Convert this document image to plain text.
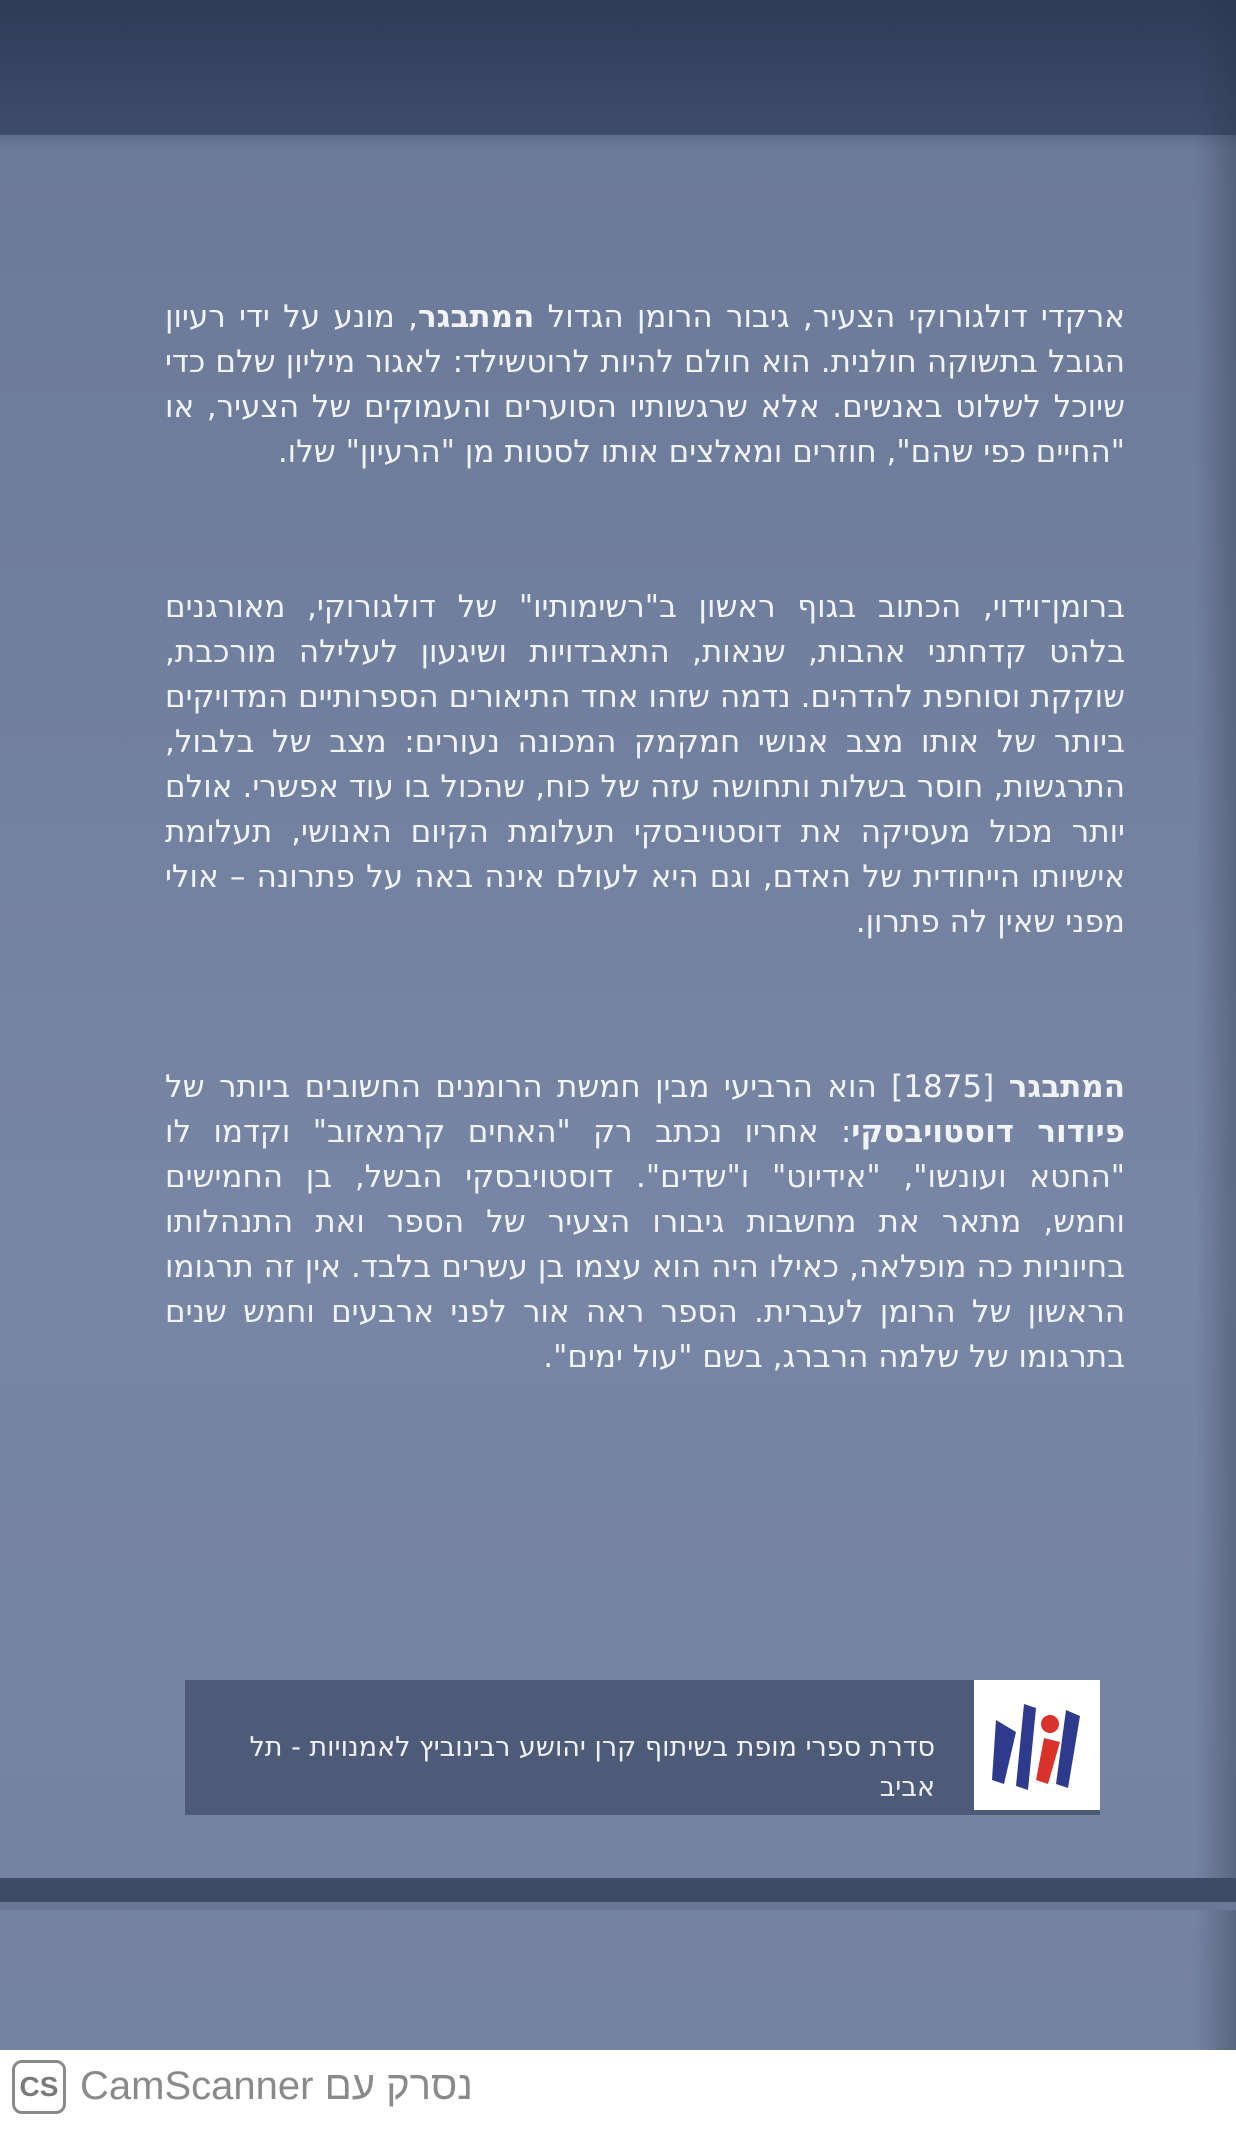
ארקדי דולגורוקי הצעיר, גיבור הרומן הגדול המתבגר, מונע על ידי רעיון הגובל בתשוקה חולנית. הוא חולם להיות לרוטשילד: לאגור מיליון שלם כדי שיוכל לשלוט באנשים. אלא שרגשותיו הסוערים והעמוקים של הצעיר, או "החיים כפי שהם", חוזרים ומאלצים אותו לסטות מן "הרעיון" שלו.
ברומן־וידוי, הכתוב בגוף ראשון ב"רשימותיו" של דולגורוקי, מאורגנים בלהט קדחתני אהבות, שנאות, התאבדויות ושיגעון לעלילה מורכבת, שוקקת וסוחפת להדהים. נדמה שזהו אחד התיאורים הספרותיים המדויקים ביותר של אותו מצב אנושי חמקמק המכונה נעורים: מצב של בלבול, התרגשות, חוסר בשלות ותחושה עזה של כוח, שהכול בו עוד אפשרי. אולם יותר מכול מעסיקה את דוסטויבסקי תעלומת הקיום האנושי, תעלומת אישיותו הייחודית של האדם, וגם היא לעולם אינה באה על פתרונה – אולי מפני שאין לה פתרון.
המתבגר [1875] הוא הרביעי מבין חמשת הרומנים החשובים ביותר של פיודור דוסטויבסקי: אחריו נכתב רק "האחים קרמאזוב" וקדמו לו "החטא ועונשו", "אידיוט" ו"שדים". דוסטויבסקי הבשל, בן החמישים וחמש, מתאר את מחשבות גיבורו הצעיר של הספר ואת התנהלותו בחיוניות כה מופלאה, כאילו היה הוא עצמו בן עשרים בלבד. אין זה תרגומו הראשון של הרומן לעברית. הספר ראה אור לפני ארבעים וחמש שנים בתרגומו של שלמה הרברג, בשם "עול ימים".
סדרת ספרי מופת בשיתוף קרן יהושע רבינוביץ לאמנויות - תל אביב
CS CamScanner נסרק עם
